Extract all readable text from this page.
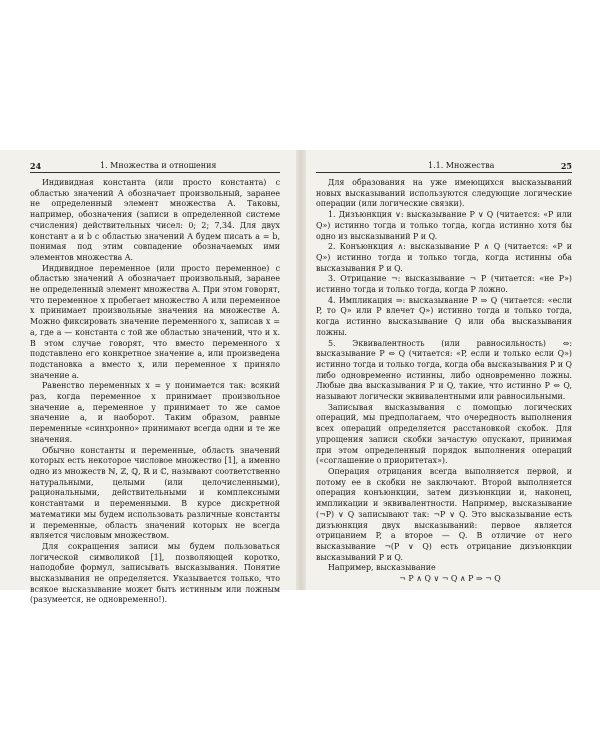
24	1. Множества и отношения

Индивидная константа (или просто константа) с областью значений A обозначает произвольный, заранее не определенный элемент множества A. Таковы, например, обозначения (записи в определенной системе счисления) действительных чисел: 0; 2; 7,34. Для двух констант a и b с областью значений A будем писать a = b, понимая под этим совпадение обозначаемых ими элементов множества A.

Индивидное переменное (или просто переменное) с областью значений A обозначает произвольный, заранее не определенный элемент множества A. При этом говорят, что переменное x пробегает множество A или переменное x принимает произвольные значения на множестве A. Можно фиксировать значение переменного x, записав x = a, где a — константа с той же областью значений, что и x. В этом случае говорят, что вместо переменного x подставлено его конкретное значение a, или произведена подстановка a вместо x, или переменное x приняло значение a.

Равенство переменных x = y понимается так: всякий раз, когда переменное x принимает произвольное значение a, переменное y принимает то же самое значение a, и наоборот. Таким образом, равные переменные «синхронно» принимают всегда одни и те же значения.

Обычно константы и переменные, область значений которых есть некоторое числовое множество [1], а именно одно из множеств ℕ, ℤ, ℚ, ℝ и ℂ, называют соответственно натуральными, целыми (или целочисленными), рациональными, действительными и комплексными константами и переменными. В курсе дискретной математики мы будем использовать различные константы и переменные, область значений которых не всегда является числовым множеством.

Для сокращения записи мы будем пользоваться логической символикой [1], позволяющей коротко, наподобие формул, записывать высказывания. Понятие высказывания не определяется. Указывается только, что всякое высказывание может быть истинным или ложным (разумеется, не одновременно!).

1.1. Множества	25

Для образования на уже имеющихся высказываний новых высказываний используются следующие логические операции (или логические связки).

1. Дизъюнкция ∨: высказывание P ∨ Q (читается: «P или Q») истинно тогда и только тогда, когда истинно хотя бы одно из высказываний P и Q.

2. Конъюнкция ∧: высказывание P ∧ Q (читается: «P и Q») истинно тогда и только тогда, когда истинны оба высказывания P и Q.

3. Отрицание ¬: высказывание ¬ P (читается: «не P») истинно тогда и только тогда, когда P ложно.

4. Импликация ⇒: высказывание P ⇒ Q (читается: «если P, то Q» или P влечет Q») истинно тогда и только тогда, когда истинно высказывание Q или оба высказывания ложны.

5. Эквивалентность (или равносильность) ⇔: высказывание P ⇔ Q (читается: «P, если и только если Q») истинно тогда и только тогда, когда оба высказывания P и Q либо одновременно истинны, либо одновременно ложны. Любые два высказывания P и Q, такие, что истинно P ⇔ Q, называют логически эквивалентными или равносильными.

Записывая высказывания с помощью логических операций, мы предполагаем, что очередность выполнения всех операций определяется расстановкой скобок. Для упрощения записи скобки зачастую опускают, принимая при этом определенный порядок выполнения операций («соглашение о приоритетах»).

Операция отрицания всегда выполняется первой, и потому ее в скобки не заключают. Второй выполняется операция конъюнкции, затем дизъюнкции и, наконец, импликации и эквивалентности. Например, высказывание (¬P) ∨ Q записывают так: ¬P ∨ Q. Это высказывание есть дизъюнкция двух высказываний: первое является отрицанием P, а второе — Q. В отличие от него высказывание ¬(P ∨ Q) есть отрицание дизъюнкции высказываний P и Q.

Например, высказывание

¬ P ∧ Q ∨ ¬ Q ∧ P ⇒ ¬ Q
